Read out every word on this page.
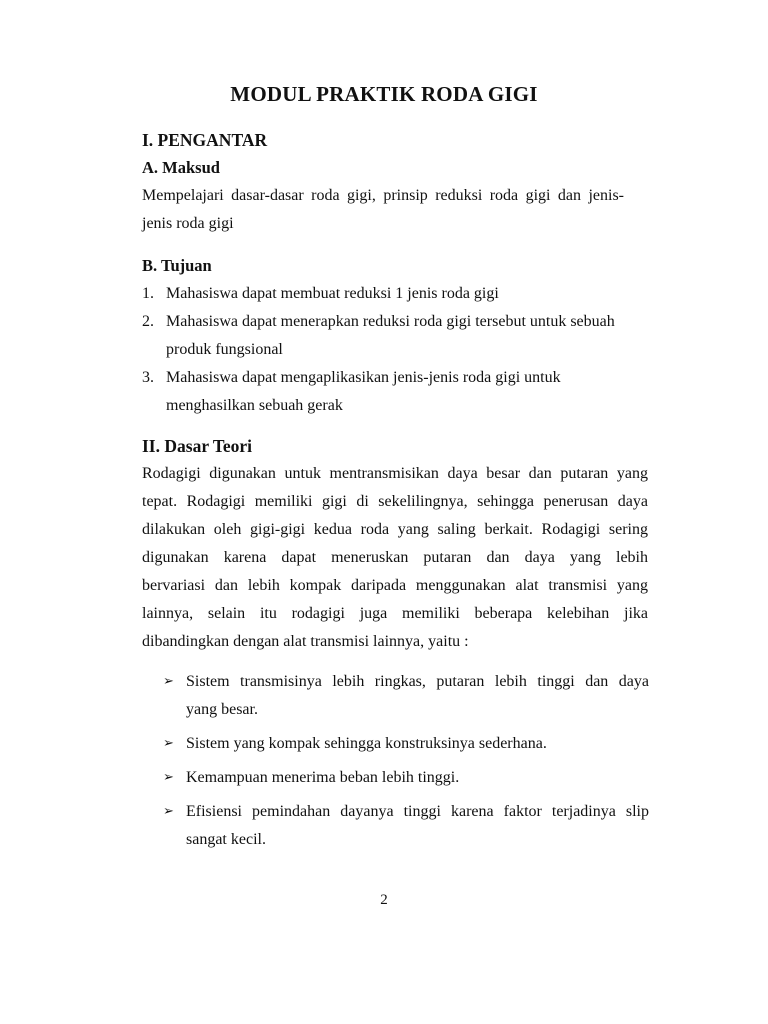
MODUL PRAKTIK RODA GIGI
I. PENGANTAR
A. Maksud
Mempelajari dasar-dasar roda gigi, prinsip reduksi roda gigi dan jenis-
jenis roda gigi
B. Tujuan
1. Mahasiswa dapat membuat reduksi 1 jenis roda gigi
2. Mahasiswa dapat menerapkan reduksi roda gigi tersebut untuk sebuah
produk fungsional
3. Mahasiswa dapat mengaplikasikan jenis-jenis roda gigi untuk
menghasilkan sebuah gerak
II. Dasar Teori
Rodagigi digunakan untuk mentransmisikan daya besar dan putaran yang
tepat. Rodagigi memiliki gigi di sekelilingnya, sehingga penerusan daya
dilakukan oleh gigi-gigi kedua roda yang saling berkait. Rodagigi sering
digunakan karena dapat meneruskan putaran dan daya yang lebih
bervariasi dan lebih kompak daripada menggunakan alat transmisi yang
lainnya, selain itu rodagigi juga memiliki beberapa kelebihan jika
dibandingkan dengan alat transmisi lainnya, yaitu :
➢ Sistem transmisinya lebih ringkas, putaran lebih tinggi dan daya
yang besar.
➢ Sistem yang kompak sehingga konstruksinya sederhana.
➢ Kemampuan menerima beban lebih tinggi.
➢ Efisiensi pemindahan dayanya tinggi karena faktor terjadinya slip
sangat kecil.
2
